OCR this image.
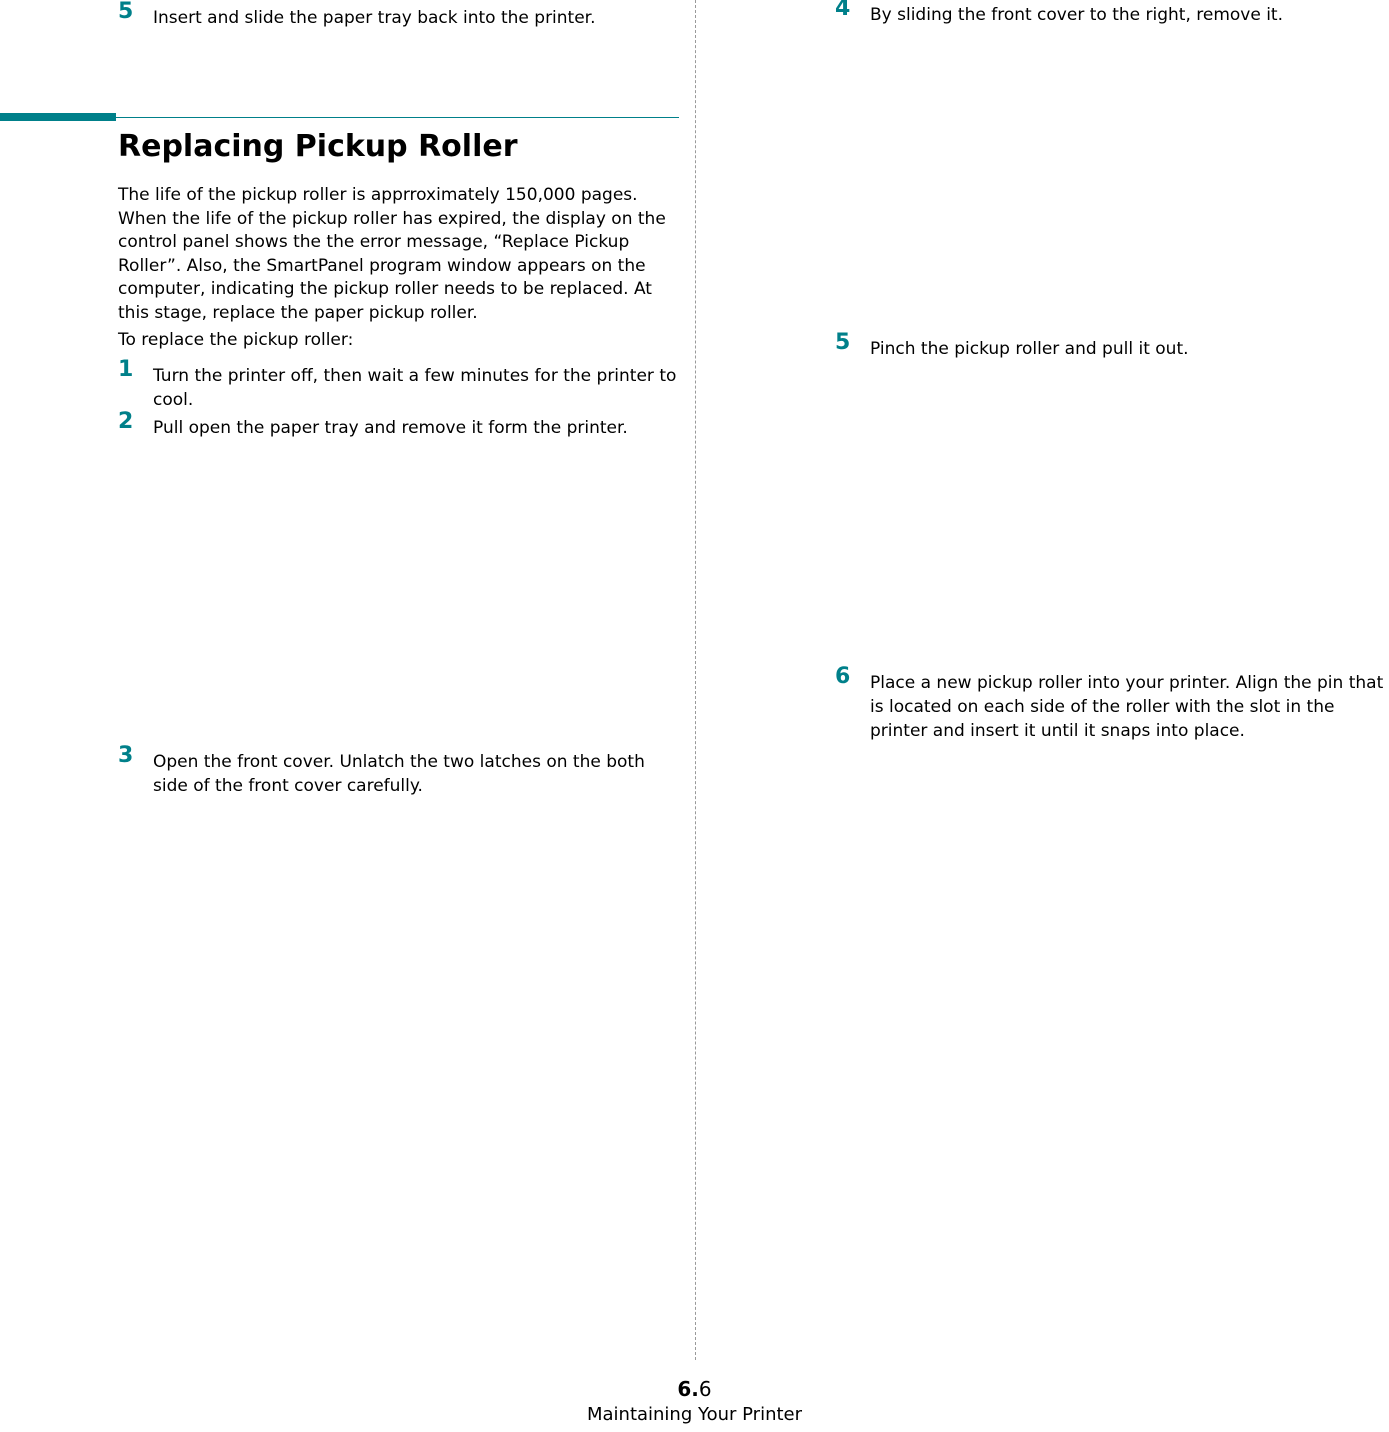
5	Insert and slide the paper tray back into the printer.
Replacing Pickup Roller

The life of the pickup roller is apprroximately 150,000 pages. When the life of the pickup roller has expired, the display on the control panel shows the the error message, “Replace Pickup Roller”. Also, the SmartPanel program window appears on the computer, indicating the pickup roller needs to be replaced. At this stage, replace the paper pickup roller.

To replace the pickup roller:

1	Turn the printer off, then wait a few minutes for the printer to cool.
2	Pull open the paper tray and remove it form the printer.
3	Open the front cover. Unlatch the two latches on the both side of the front cover carefully.
4	By sliding the front cover to the right, remove it.
5	Pinch the pickup roller and pull it out.
6	Place a new pickup roller into your printer. Align the pin that is located on each side of the roller with the slot in the printer and insert it until it snaps into place.
6.6
Maintaining Your Printer
